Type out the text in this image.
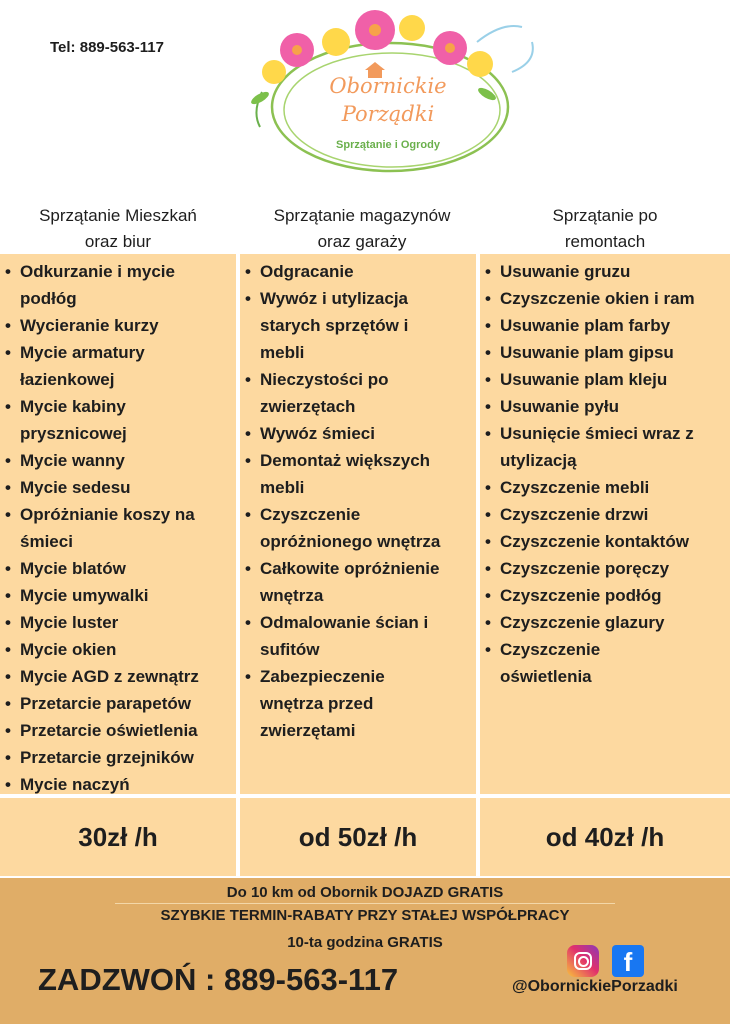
Tel: 889-563-117
Obornickie
Porządki
Sprzątanie i Ogrody
Sprzątanie Mieszkań
oraz biur
Sprzątanie magazynów
oraz garaży
Sprzątanie po
remontach
• Odkurzanie i mycie
podłóg
• Wycieranie kurzy
• Mycie armatury
łazienkowej
• Mycie kabiny
prysznicowej
• Mycie wanny
• Mycie sedesu
• Opróżnianie koszy na
śmieci
• Mycie blatów
• Mycie umywalki
• Mycie luster
• Mycie okien
• Mycie AGD z zewnątrz
• Przetarcie parapetów
• Przetarcie oświetlenia
• Przetarcie grzejników
• Mycie naczyń
• Odgracanie
• Wywóz i utylizacja
starych sprzętów i
mebli
• Nieczystości po
zwierzętach
• Wywóz śmieci
• Demontaż większych
mebli
• Czyszczenie
opróżnionego wnętrza
• Całkowite opróżnienie
wnętrza
• Odmalowanie ścian i
sufitów
• Zabezpieczenie
wnętrza przed
zwierzętami
• Usuwanie gruzu
• Czyszczenie okien i ram
• Usuwanie plam farby
• Usuwanie plam gipsu
• Usuwanie plam kleju
• Usuwanie pyłu
• Usunięcie śmieci wraz z
utylizacją
• Czyszczenie mebli
• Czyszczenie drzwi
• Czyszczenie kontaktów
• Czyszczenie poręczy
• Czyszczenie podłóg
• Czyszczenie glazury
• Czyszczenie
oświetlenia
30zł /h	od 50zł /h	od 40zł /h
Do 10 km od Obornik DOJAZD GRATIS
SZYBKIE TERMIN-RABATY PRZY STAŁEJ WSPÓŁPRACY
10-ta godzina GRATIS
ZADZWOŃ : 889-563-117	f
@ObornickiePorzadki
